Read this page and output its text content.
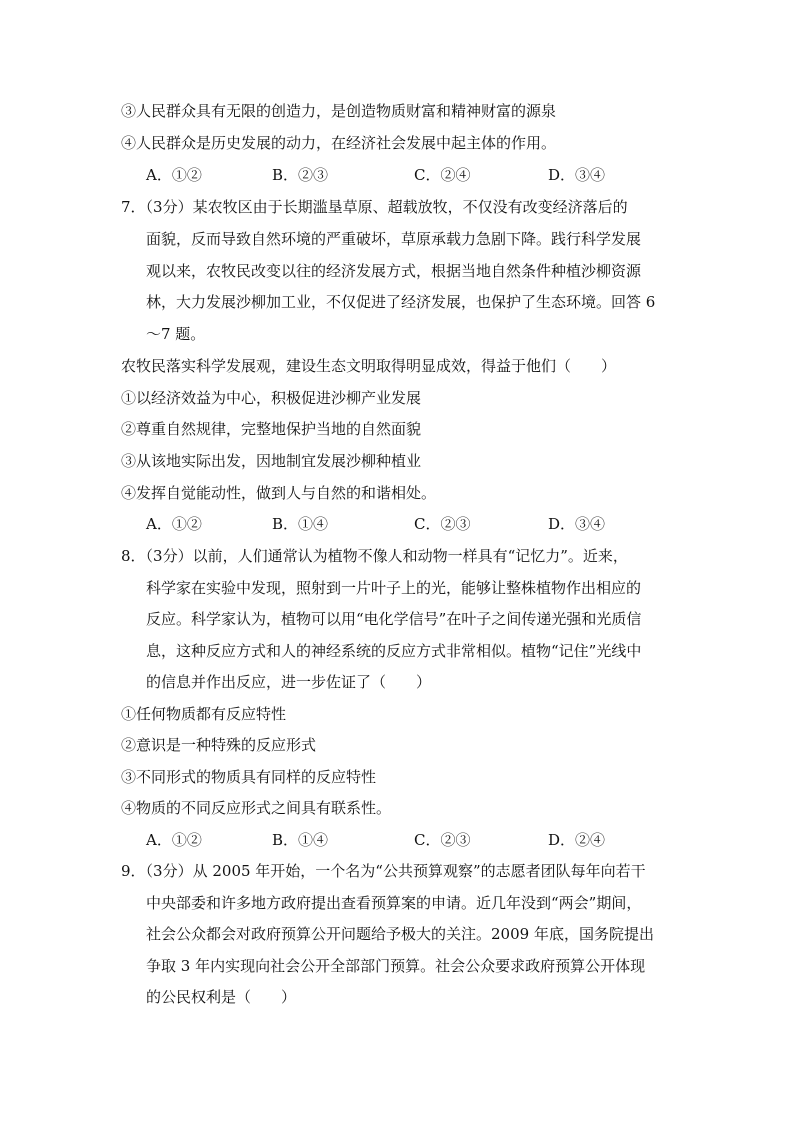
③人民群众具有无限的创造力，是创造物质财富和精神财富的源泉
④人民群众是历史发展的动力，在经济社会发展中起主体的作用。
A．①②	B．②③	C．②④	D．③④
7．（3分）某农牧区由于长期滥垦草原、超载放牧，不仅没有改变经济落后的
面貌，反而导致自然环境的严重破坏，草原承载力急剧下降。践行科学发展
观以来，农牧民改变以往的经济发展方式，根据当地自然条件种植沙柳资源
林，大力发展沙柳加工业，不仅促进了经济发展，也保护了生态环境。回答 6
～7 题。
农牧民落实科学发展观，建设生态文明取得明显成效，得益于他们（　　）
①以经济效益为中心，积极促进沙柳产业发展
②尊重自然规律，完整地保护当地的自然面貌
③从该地实际出发，因地制宜发展沙柳种植业
④发挥自觉能动性，做到人与自然的和谐相处。
A．①②	B．①④	C．②③	D．③④
8．（3分）以前，人们通常认为植物不像人和动物一样具有“记忆力”。近来，
科学家在实验中发现，照射到一片叶子上的光，能够让整株植物作出相应的
反应。科学家认为，植物可以用“电化学信号”在叶子之间传递光强和光质信
息，这种反应方式和人的神经系统的反应方式非常相似。植物“记住”光线中
的信息并作出反应，进一步佐证了（　　）
①任何物质都有反应特性
②意识是一种特殊的反应形式
③不同形式的物质具有同样的反应特性
④物质的不同反应形式之间具有联系性。
A．①②	B．①④	C．②③	D．②④
9．（3分）从 2005 年开始，一个名为“公共预算观察”的志愿者团队每年向若干
中央部委和许多地方政府提出查看预算案的申请。近几年没到“两会”期间，
社会公众都会对政府预算公开问题给予极大的关注。2009 年底，国务院提出
争取 3 年内实现向社会公开全部部门预算。社会公众要求政府预算公开体现
的公民权利是（　　）
